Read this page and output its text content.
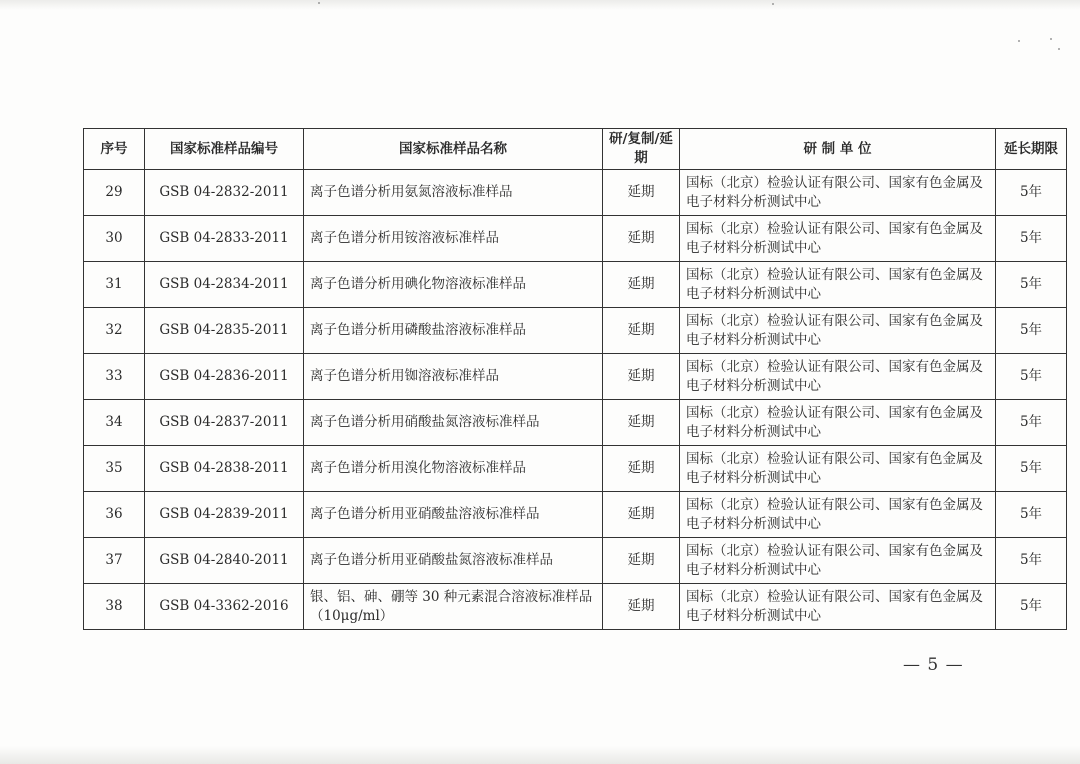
序号	国家标准样品编号	国家标准样品名称	研/复制/延期	研 制 单 位	延长期限
29	GSB 04-2832-2011	离子色谱分析用氨氮溶液标准样品	延期	国标（北京）检验认证有限公司、国家有色金属及电子材料分析测试中心	5年
30	GSB 04-2833-2011	离子色谱分析用铵溶液标准样品	延期	国标（北京）检验认证有限公司、国家有色金属及电子材料分析测试中心	5年
31	GSB 04-2834-2011	离子色谱分析用碘化物溶液标准样品	延期	国标（北京）检验认证有限公司、国家有色金属及电子材料分析测试中心	5年
32	GSB 04-2835-2011	离子色谱分析用磷酸盐溶液标准样品	延期	国标（北京）检验认证有限公司、国家有色金属及电子材料分析测试中心	5年
33	GSB 04-2836-2011	离子色谱分析用铷溶液标准样品	延期	国标（北京）检验认证有限公司、国家有色金属及电子材料分析测试中心	5年
34	GSB 04-2837-2011	离子色谱分析用硝酸盐氮溶液标准样品	延期	国标（北京）检验认证有限公司、国家有色金属及电子材料分析测试中心	5年
35	GSB 04-2838-2011	离子色谱分析用溴化物溶液标准样品	延期	国标（北京）检验认证有限公司、国家有色金属及电子材料分析测试中心	5年
36	GSB 04-2839-2011	离子色谱分析用亚硝酸盐溶液标准样品	延期	国标（北京）检验认证有限公司、国家有色金属及电子材料分析测试中心	5年
37	GSB 04-2840-2011	离子色谱分析用亚硝酸盐氮溶液标准样品	延期	国标（北京）检验认证有限公司、国家有色金属及电子材料分析测试中心	5年
38	GSB 04-3362-2016	银、铝、砷、硼等 30 种元素混合溶液标准样品（10μg/ml）	延期	国标（北京）检验认证有限公司、国家有色金属及电子材料分析测试中心	5年
— 5 —
